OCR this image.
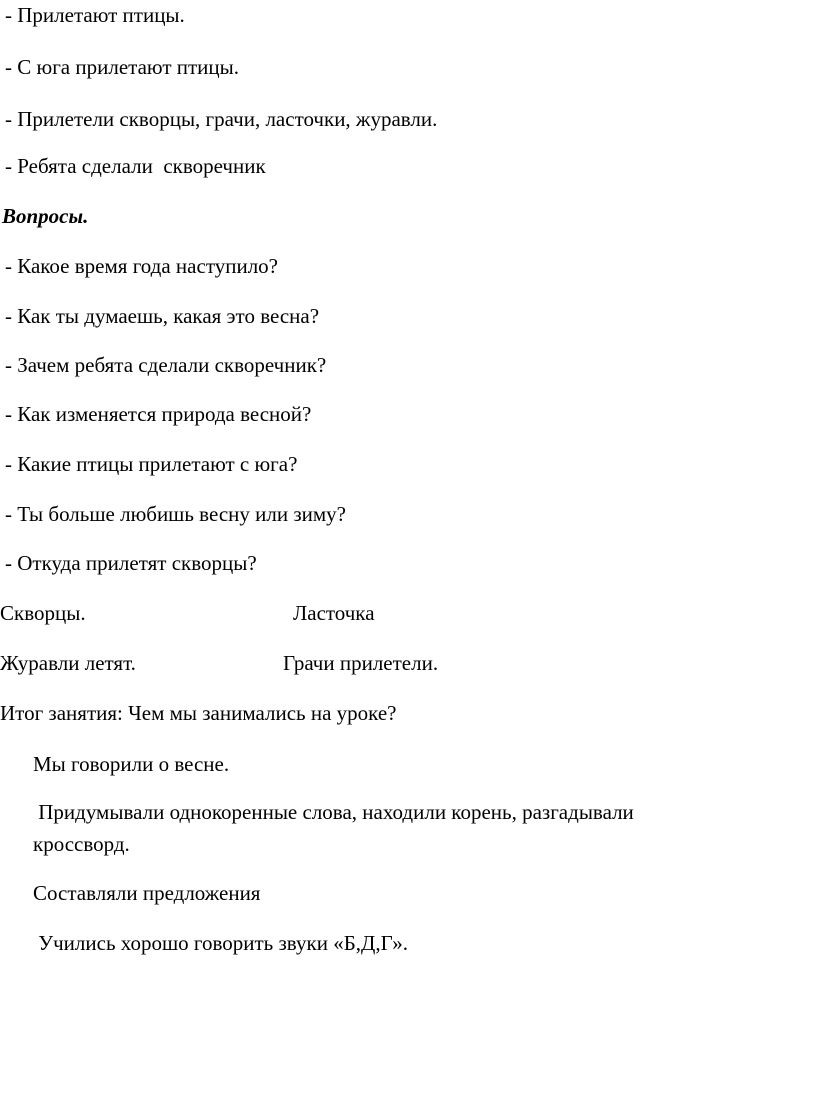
- Прилетают птицы.
- С юга прилетают птицы.
- Прилетели скворцы, грачи, ласточки, журавли.
- Ребята сделали  скворечник
Вопросы.
- Какое время года наступило?
- Как ты думаешь, какая это весна?
- Зачем ребята сделали скворечник?
- Как изменяется природа весной?
- Какие птицы прилетают с юга?
- Ты больше любишь весну или зиму?
- Откуда прилетят скворцы?
Скворцы.	Ласточка
Журавли летят.	Грачи прилетели.
Итог занятия: Чем мы занимались на уроке?
Мы говорили о весне.
Придумывали однокоренные слова, находили корень, разгадывали
кроссворд.
Составляли предложения
Учились хорошо говорить звуки «Б,Д,Г».
